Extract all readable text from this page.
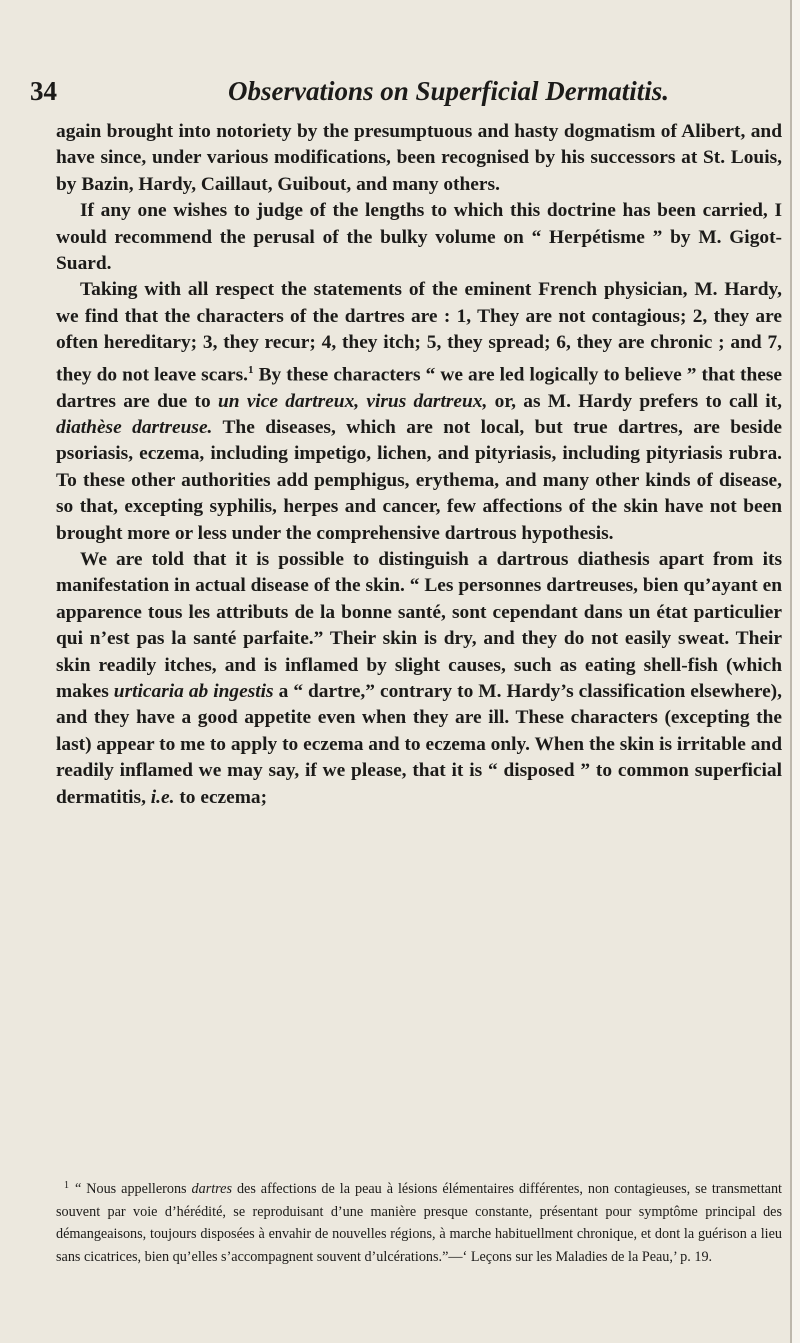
34	Observations on Superficial Dermatitis.

again brought into notoriety by the presumptuous and hasty dogmatism of Alibert, and have since, under various modifications, been recognised by his successors at St. Louis, by Bazin, Hardy, Caillaut, Guibout, and many others.

If any one wishes to judge of the lengths to which this doctrine has been carried, I would recommend the perusal of the bulky volume on “ Herpétisme ” by M. Gigot-Suard.

Taking with all respect the statements of the eminent French physician, M. Hardy, we find that the characters of the dartres are : 1, They are not contagious; 2, they are often hereditary; 3, they recur; 4, they itch; 5, they spread; 6, they are chronic ; and 7, they do not leave scars.$^1$ By these characters “ we are led logically to believe ” that these dartres are due to un vice dartreux, virus dartreux, or, as M. Hardy prefers to call it, diathèse dartreuse. The diseases, which are not local, but true dartres, are beside psoriasis, eczema, including impetigo, lichen, and pityriasis, including pityriasis rubra. To these other authorities add pemphigus, erythema, and many other kinds of disease, so that, excepting syphilis, herpes and cancer, few affections of the skin have not been brought more or less under the comprehensive dartrous hypothesis.

We are told that it is possible to distinguish a dartrous diathesis apart from its manifestation in actual disease of the skin. “ Les personnes dartreuses, bien qu’ayant en apparence tous les attributs de la bonne santé, sont cependant dans un état particulier qui n’est pas la santé parfaite.” Their skin is dry, and they do not easily sweat. Their skin readily itches, and is inflamed by slight causes, such as eating shell-fish (which makes urticaria ab ingestis a “ dartre,” contrary to M. Hardy’s classification elsewhere), and they have a good appetite even when they are ill. These characters (excepting the last) appear to me to apply to eczema and to eczema only. When the skin is irritable and readily inflamed we may say, if we please, that it is “ disposed ” to common superficial dermatitis, i.e. to eczema;

$^1$ “ Nous appellerons dartres des affections de la peau à lésions élémentaires différentes, non contagieuses, se transmettant souvent par voie d’hérédité, se reproduisant d’une manière presque constante, présentant pour symptôme principal des démangeaisons, toujours disposées à envahir de nouvelles régions, à marche habituellment chronique, et dont la guérison a lieu sans cicatrices, bien qu’elles s’accompagnent souvent d’ulcérations.”—‘ Leçons sur les Maladies de la Peau,’ p. 19.
